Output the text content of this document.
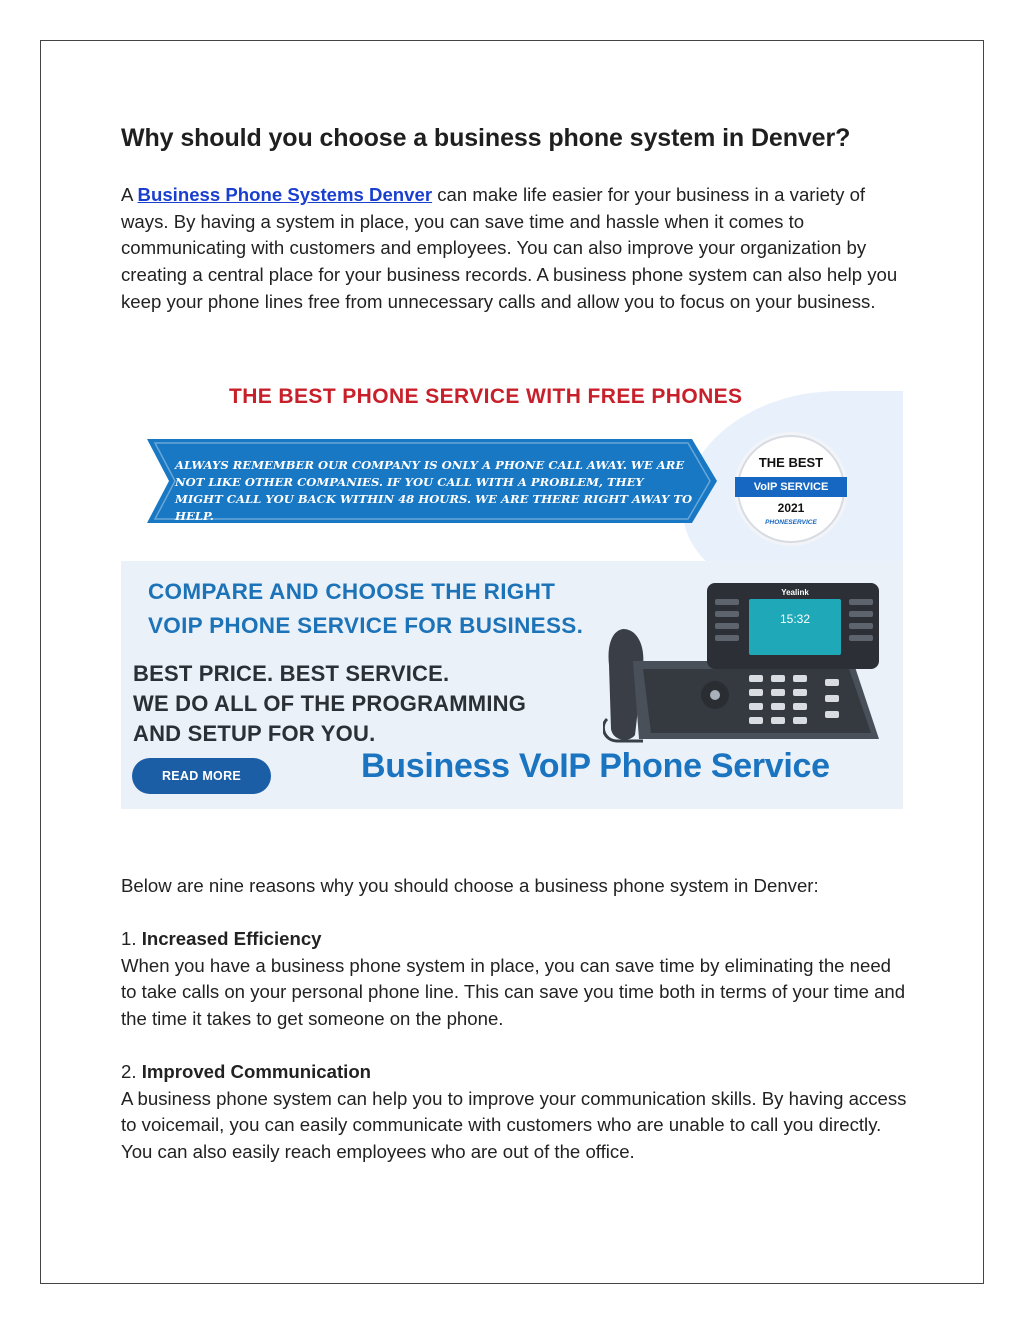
Why should you choose a business phone system in Denver?

A Business Phone Systems Denver can make life easier for your business in a variety of ways. By having a system in place, you can save time and hassle when it comes to communicating with customers and employees. You can also improve your organization by creating a central place for your business records. A business phone system can also help you keep your phone lines free from unnecessary calls and allow you to focus on your business.

THE BEST PHONE SERVICE WITH FREE PHONES
ALWAYS REMEMBER OUR COMPANY IS ONLY A PHONE CALL AWAY. WE ARE NOT LIKE OTHER COMPANIES. IF YOU CALL WITH A PROBLEM, THEY MIGHT CALL YOU BACK WITHIN 48 HOURS. WE ARE THERE RIGHT AWAY TO HELP.
THE BEST
VoIP SERVICE
2021
PHONESERVICE
COMPARE AND CHOOSE THE RIGHT
VOIP PHONE SERVICE FOR BUSINESS.
BEST PRICE. BEST SERVICE.
WE DO ALL OF THE PROGRAMMING
AND SETUP FOR YOU.
Yealink
15:32
READ MORE	Business VoIP Phone Service

Below are nine reasons why you should choose a business phone system in Denver:

1. Increased Efficiency
When you have a business phone system in place, you can save time by eliminating the need to take calls on your personal phone line. This can save you time both in terms of your time and the time it takes to get someone on the phone.
2. Improved Communication
A business phone system can help you to improve your communication skills. By having access to voicemail, you can easily communicate with customers who are unable to call you directly. You can also easily reach employees who are out of the office.
